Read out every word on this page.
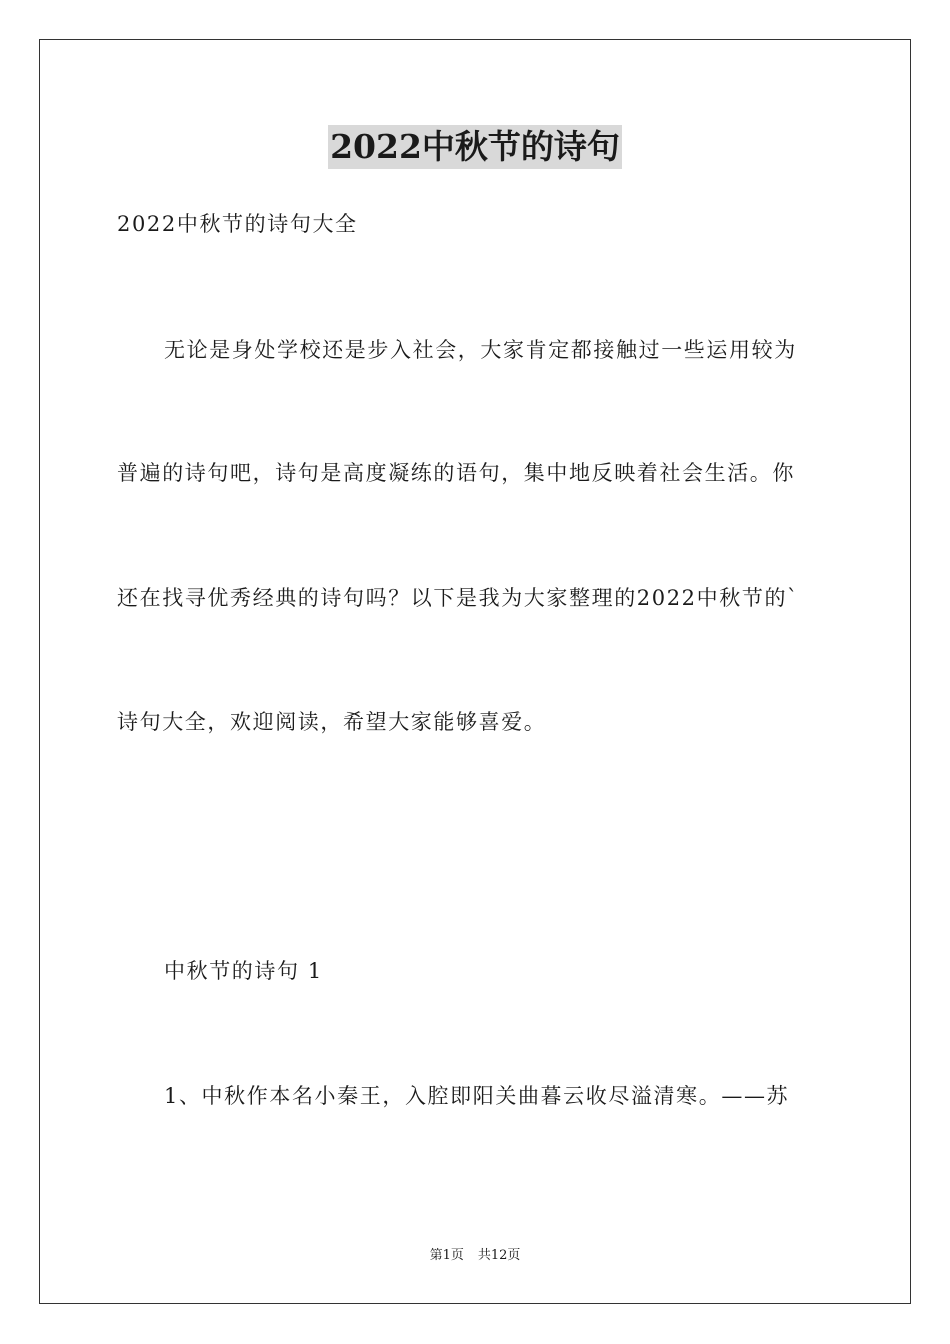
2022中秋节的诗句
2022中秋节的诗句大全
无论是身处学校还是步入社会，大家肯定都接触过一些运用较为
普遍的诗句吧，诗句是高度凝练的语句，集中地反映着社会生活。你
还在找寻优秀经典的诗句吗？以下是我为大家整理的2022中秋节的`
诗句大全，欢迎阅读，希望大家能够喜爱。
中秋节的诗句 1
1、中秋作本名小秦王，入腔即阳关曲暮云收尽溢清寒。——苏
第1页 共12页
